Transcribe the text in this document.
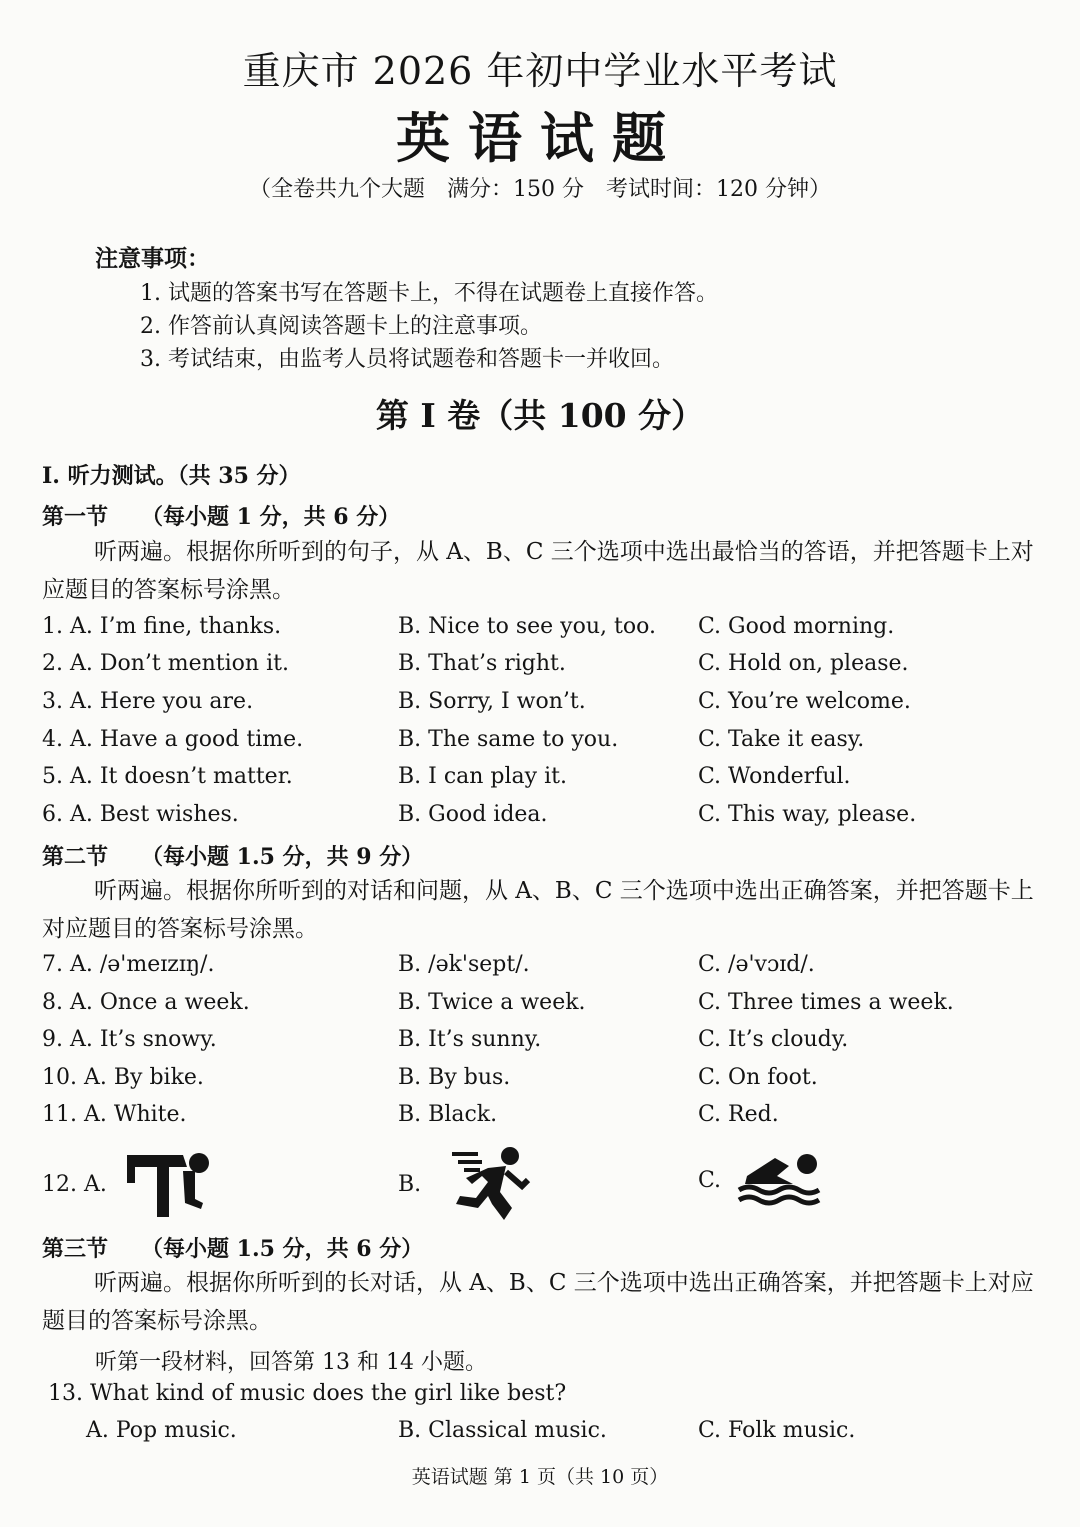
重庆市 2026 年初中学业水平考试
英语试题
（全卷共九个大题　满分：150 分　考试时间：120 分钟）
注意事项：
1. 试题的答案书写在答题卡上，不得在试题卷上直接作答。
2. 作答前认真阅读答题卡上的注意事项。
3. 考试结束，由监考人员将试题卷和答题卡一并收回。
第 I 卷（共 100 分）
I. 听力测试。（共 35 分）
第一节　　（每小题 1 分，共 6 分）
听两遍。根据你所听到的句子，从 A、B、C 三个选项中选出最恰当的答语，并把答题卡上对应题目的答案标号涂黑。
1. A. I’m fine, thanks.	B. Nice to see you, too. C. Good morning.
2. A. Don’t mention it.	B. That’s right.	C. Hold on, please.
3. A. Here you are.	B. Sorry, I won’t.	C. You’re welcome.
4. A. Have a good time.	B. The same to you.	C. Take it easy.
5. A. It doesn’t matter.	B. I can play it.	C. Wonderful.
6. A. Best wishes.	B. Good idea.	C. This way, please.
第二节　　（每小题 1.5 分，共 9 分）
听两遍。根据你所听到的对话和问题，从 A、B、C 三个选项中选出正确答案，并把答题卡上对应题目的答案标号涂黑。
7. A. /ə'meɪzɪŋ/.	B. /ək'sept/.	C. /ə'vɔɪd/.
8. A. Once a week.	B. Twice a week.	C. Three times a week.
9. A. It’s snowy.	B. It’s sunny.	C. It’s cloudy.
10. A. By bike.	B. By bus.	C. On foot.
11. A. White.	B. Black.	C. Red.
12. A.	B.	C.
第三节　　（每小题 1.5 分，共 6 分）
听两遍。根据你所听到的长对话，从 A、B、C 三个选项中选出正确答案，并把答题卡上对应题目的答案标号涂黑。
听第一段材料，回答第 13 和 14 小题。
13. What kind of music does the girl like best?
A. Pop music.	B. Classical music.	C. Folk music.
英语试题 第 1 页（共 10 页）
